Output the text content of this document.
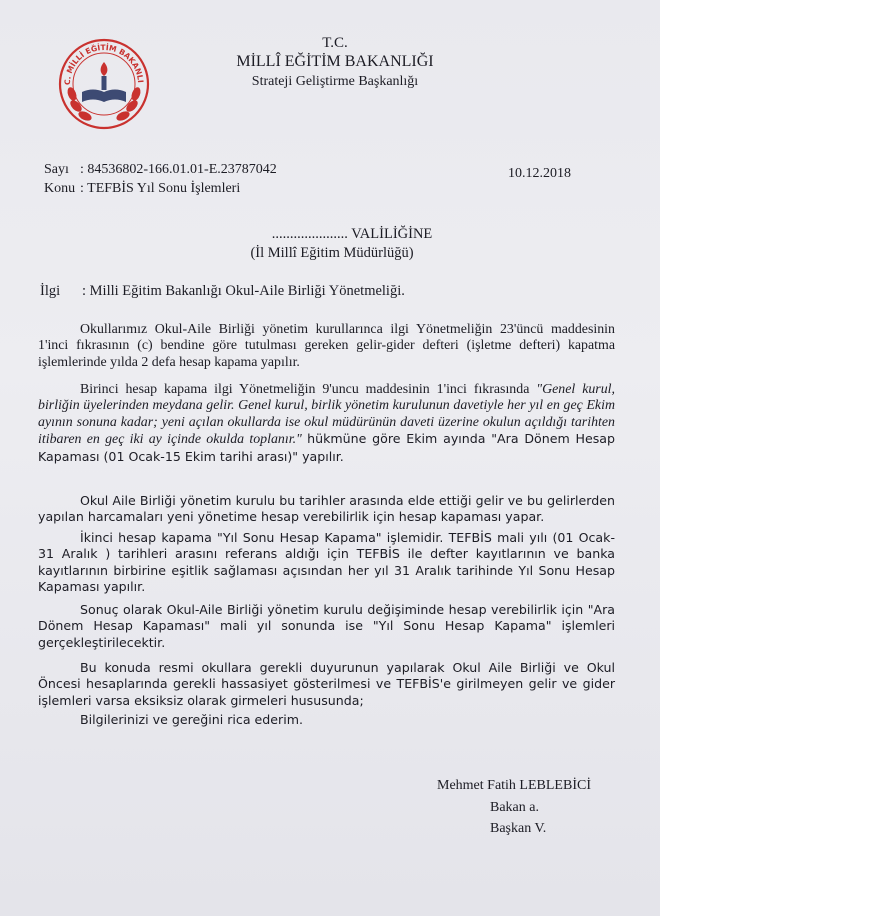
C. MİLLİ EĞİTİM BAKANLI

T.C.

MİLLÎ EĞİTİM BAKANLIĞI

Strateji Geliştirme Başkanlığı

Sayı : 84536802-166.01.01-E.23787042

Konu : TEFBİS Yıl Sonu İşlemleri

10.12.2018

..................... VALİLİĞİNE

(İl Millî Eğitim Müdürlüğü)

İlgi : Milli Eğitim Bakanlığı Okul-Aile Birliği Yönetmeliği.

Okullarımız Okul-Aile Birliği yönetim kurullarınca ilgi Yönetmeliğin 23'üncü maddesinin 1'inci fıkrasının (c) bendine göre tutulması gereken gelir-gider defteri (işletme defteri) kapatma işlemlerinde yılda 2 defa hesap kapama yapılır.

Birinci hesap kapama ilgi Yönetmeliğin 9'uncu maddesinin 1'inci fıkrasında "Genel kurul, birliğin üyelerinden meydana gelir. Genel kurul, birlik yönetim kurulunun davetiyle her yıl en geç Ekim ayının sonuna kadar; yeni açılan okullarda ise okul müdürünün daveti üzerine okulun açıldığı tarihten itibaren en geç iki ay içinde okulda toplanır." hükmüne göre Ekim ayında "Ara Dönem Hesap Kapaması (01 Ocak-15 Ekim tarihi arası)" yapılır.

Okul Aile Birliği yönetim kurulu bu tarihler arasında elde ettiği gelir ve bu gelirlerden yapılan harcamaları yeni yönetime hesap verebilirlik için hesap kapaması yapar.

İkinci hesap kapama "Yıl Sonu Hesap Kapama" işlemidir. TEFBİS mali yılı (01 Ocak-31 Aralık ) tarihleri arasını referans aldığı için TEFBİS ile defter kayıtlarının ve banka kayıtlarının birbirine eşitlik sağlaması açısından her yıl 31 Aralık tarihinde Yıl Sonu Hesap Kapaması yapılır.

Sonuç olarak Okul-Aile Birliği yönetim kurulu değişiminde hesap verebilirlik için "Ara Dönem Hesap Kapaması" mali yıl sonunda ise "Yıl Sonu Hesap Kapama" işlemleri gerçekleştirilecektir.

Bu konuda resmi okullara gerekli duyurunun yapılarak Okul Aile Birliği ve Okul Öncesi hesaplarında gerekli hassasiyet gösterilmesi ve TEFBİS'e girilmeyen gelir ve gider işlemleri varsa eksiksiz olarak girmeleri hususunda;

Bilgilerinizi ve gereğini rica ederim.

Mehmet Fatih LEBLEBİCİ

Bakan a.

Başkan V.
